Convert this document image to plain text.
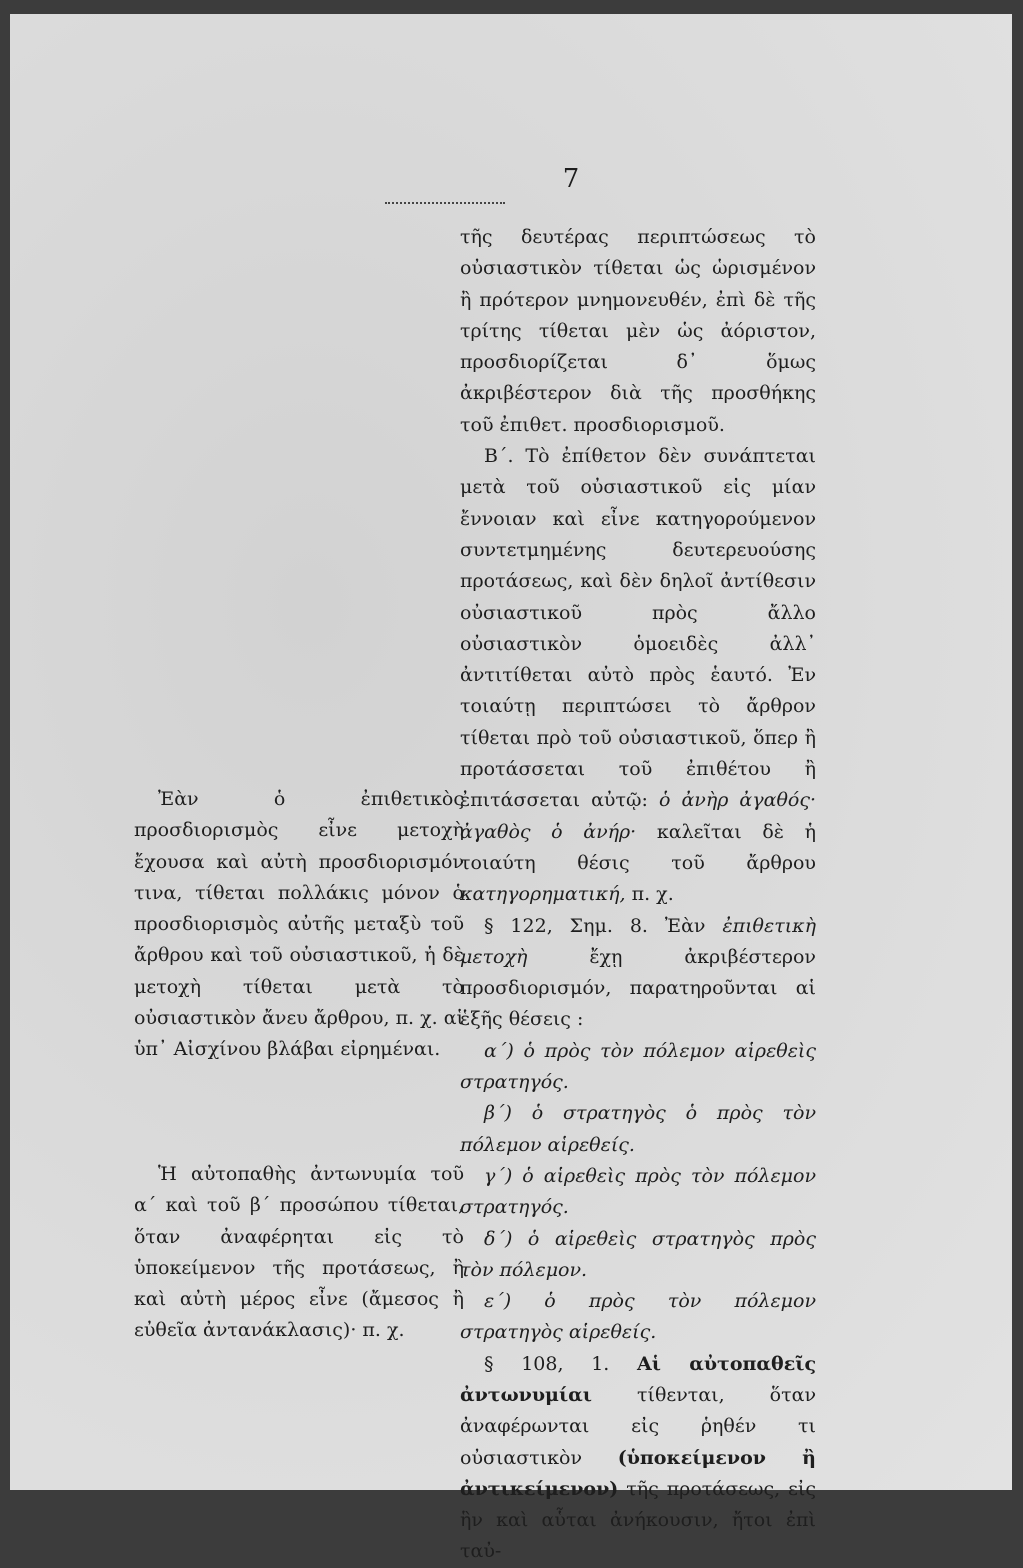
7

τῆς δευτέρας περιπτώσεως τὸ οὐσιαστικὸν τίθεται ὡς ὡρισμένον ἢ πρότερον μνημονευθέν, ἐπὶ δὲ τῆς τρίτης τίθεται μὲν ὡς ἀόριστον, προσδιορίζεται δ᾽ ὅμως ἀκριβέστερον διὰ τῆς προσθήκης τοῦ ἐπιθετ. προσδιορισμοῦ.

Β΄. Τὸ ἐπίθετον δὲν συνάπτεται μετὰ τοῦ οὐσιαστικοῦ εἰς μίαν ἔννοιαν καὶ εἶνε κατηγορούμενον συντετμημένης δευτερευούσης προτάσεως, καὶ δὲν δηλοῖ ἀντίθεσιν οὐσιαστικοῦ πρὸς ἄλλο οὐσιαστικὸν ὁμοειδὲς ἀλλ᾽ ἀντιτίθεται αὐτὸ πρὸς ἑαυτό. Ἐν τοιαύτῃ περιπτώσει τὸ ἄρθρον τίθεται πρὸ τοῦ οὐσιαστικοῦ, ὅπερ ἢ προτάσσεται τοῦ ἐπιθέτου ἢ ἐπιτάσσεται αὐτῷ: ὁ ἀνὴρ ἀγαθός· ἀγαθὸς ὁ ἀνήρ· καλεῖται δὲ ἡ τοιαύτη θέσις τοῦ ἄρθρου κατηγορηματική, π. χ.

§ 122, Σημ. 8. Ἐὰν ἐπιθετικὴ μετοχὴ	ἔχῃ ἀκριβέστερον προσδιορισμόν, παρατηροῦνται αἱ ἑξῆς θέσεις :

α΄) ὁ πρὸς τὸν πόλεμον αἱρεθεὶς στρατηγός.

β΄) ὁ στρατηγὸς ὁ πρὸς τὸν πόλεμον αἱρεθείς.

γ΄) ὁ αἱρεθεὶς πρὸς τὸν πόλεμον στρατηγός.

δ΄) ὁ αἱρεθεὶς στρατηγὸς πρὸς τὸν πόλεμον.

ε΄) ὁ πρὸς τὸν πόλεμον στρατηγὸς αἱρεθείς.

§ 108, 1. Αἱ αὐτοπαθεῖς ἀντωνυμίαι τίθενται, ὅταν ἀναφέρωνται εἰς ῥηθέν τι οὐσιαστικὸν (ὑποκείμενον ἢ ἀντικείμενον) τῆς προτάσεως, εἰς ἣν καὶ αὗται ἀνήκουσιν, ἤτοι ἐπὶ ταὐ-

Ἐὰν ὁ ἐπιθετικὸς προσδιορισμὸς εἶνε μετοχὴ ἔχουσα καὶ αὐτὴ προσδιορισμόν τινα, τίθεται πολλάκις μόνον ὁ προσδιορισμὸς αὐτῆς μεταξὺ τοῦ ἄρθρου καὶ τοῦ οὐσιαστικοῦ, ἡ δὲ μετοχὴ τίθεται μετὰ τὸ οὐσιαστικὸν ἄνευ ἄρθρου, π. χ. αἱ ὑπ᾽ Αἰσχίνου βλάβαι εἰρημέναι.

Ἡ αὐτοπαθὴς ἀντωνυμία τοῦ α΄ καὶ τοῦ β΄ προσώπου τίθεται, ὅταν ἀναφέρηται εἰς τὸ ὑποκείμενον τῆς προτάσεως, ἢ καὶ αὐτὴ μέρος εἶνε (ἄμεσος ἢ εὐθεῖα ἀντανάκλασις)· π. χ.
